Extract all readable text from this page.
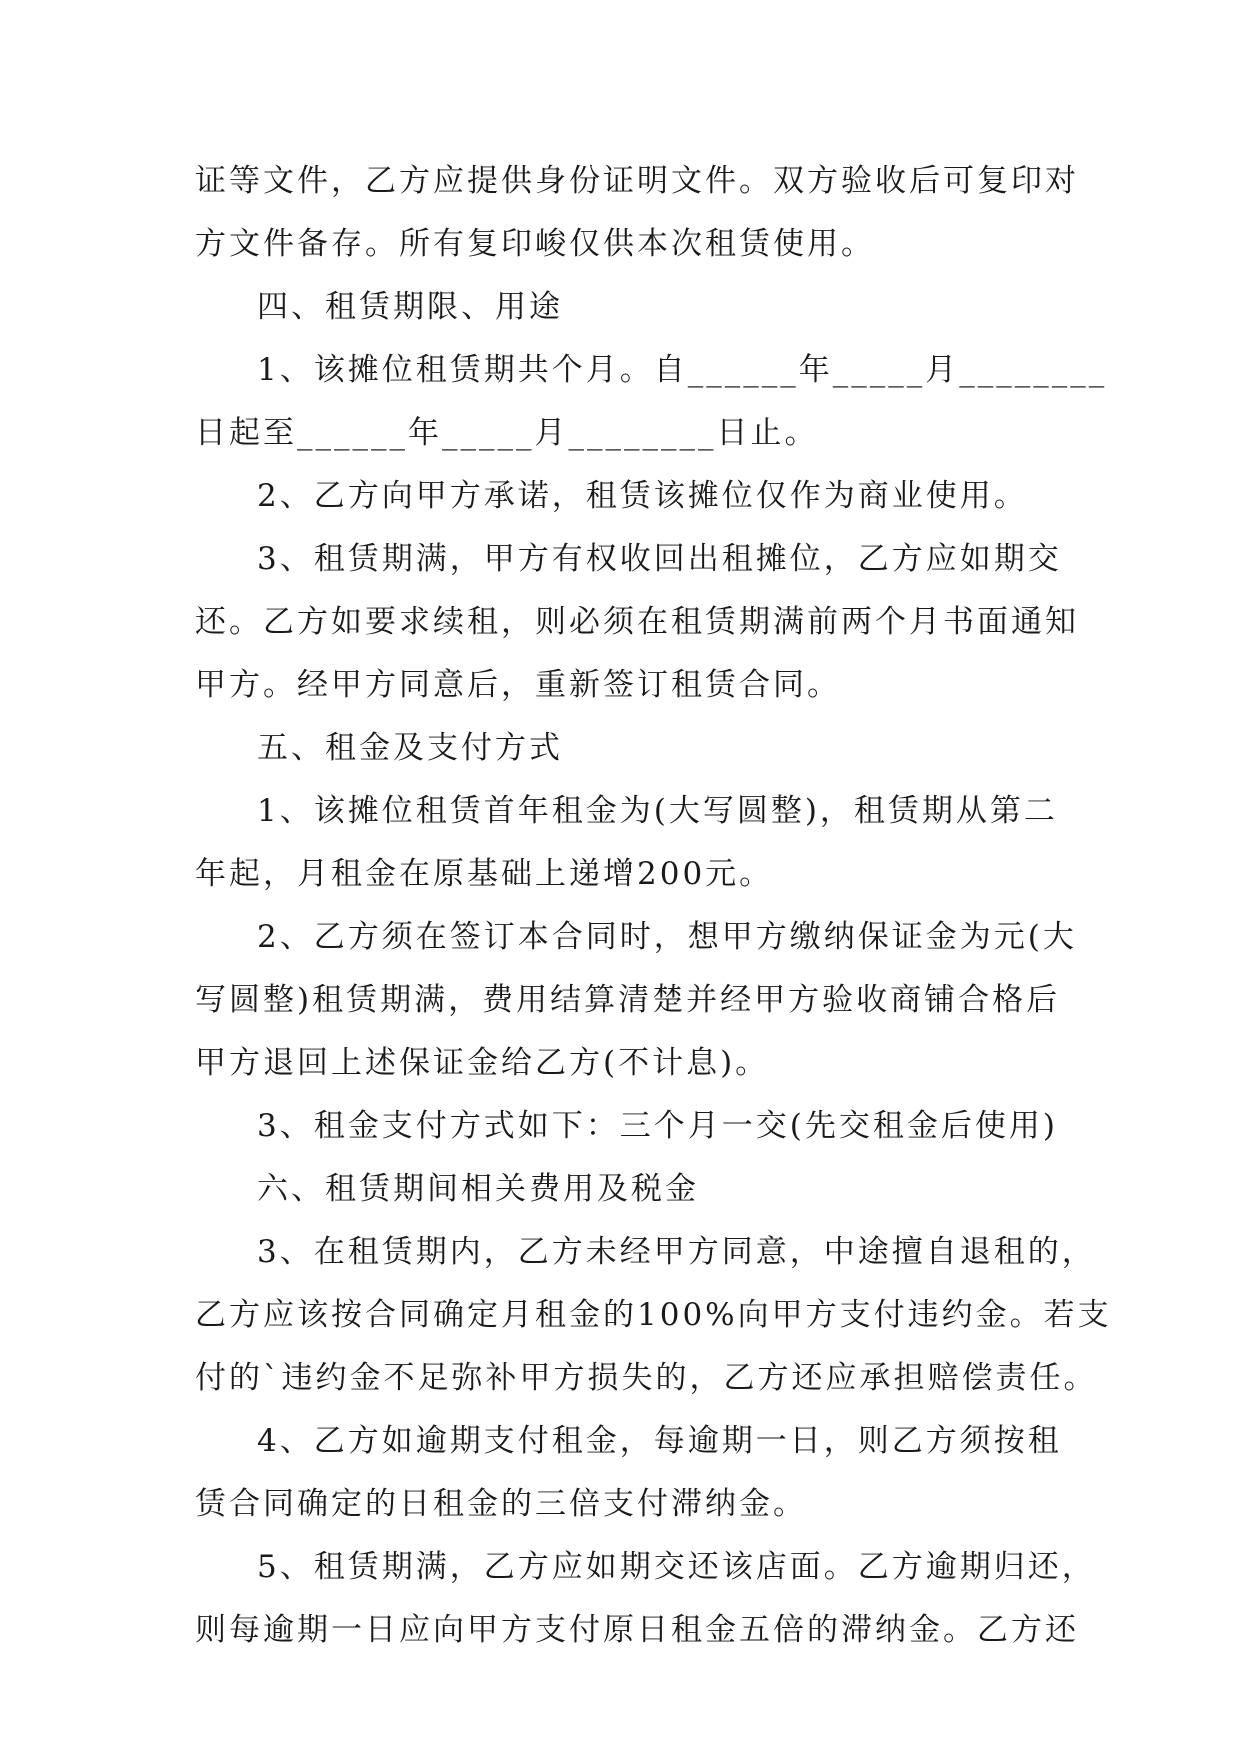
证等文件，乙方应提供身份证明文件。双方验收后可复印对
方文件备存。所有复印峻仅供本次租赁使用。
四、租赁期限、用途
1、该摊位租赁期共个月。自______年_____月________
日起至______年_____月________日止。
2、乙方向甲方承诺，租赁该摊位仅作为商业使用。
3、租赁期满，甲方有权收回出租摊位，乙方应如期交
还。乙方如要求续租，则必须在租赁期满前两个月书面通知
甲方。经甲方同意后，重新签订租赁合同。
五、租金及支付方式
1、该摊位租赁首年租金为(大写圆整)，租赁期从第二
年起，月租金在原基础上递增200元。
2、乙方须在签订本合同时，想甲方缴纳保证金为元(大
写圆整)租赁期满，费用结算清楚并经甲方验收商铺合格后
甲方退回上述保证金给乙方(不计息)。
3、租金支付方式如下：三个月一交(先交租金后使用)
六、租赁期间相关费用及税金
3、在租赁期内，乙方未经甲方同意，中途擅自退租的，
乙方应该按合同确定月租金的100%向甲方支付违约金。若支
付的`违约金不足弥补甲方损失的，乙方还应承担赔偿责任。
4、乙方如逾期支付租金，每逾期一日，则乙方须按租
赁合同确定的日租金的三倍支付滞纳金。
5、租赁期满，乙方应如期交还该店面。乙方逾期归还，
则每逾期一日应向甲方支付原日租金五倍的滞纳金。乙方还
